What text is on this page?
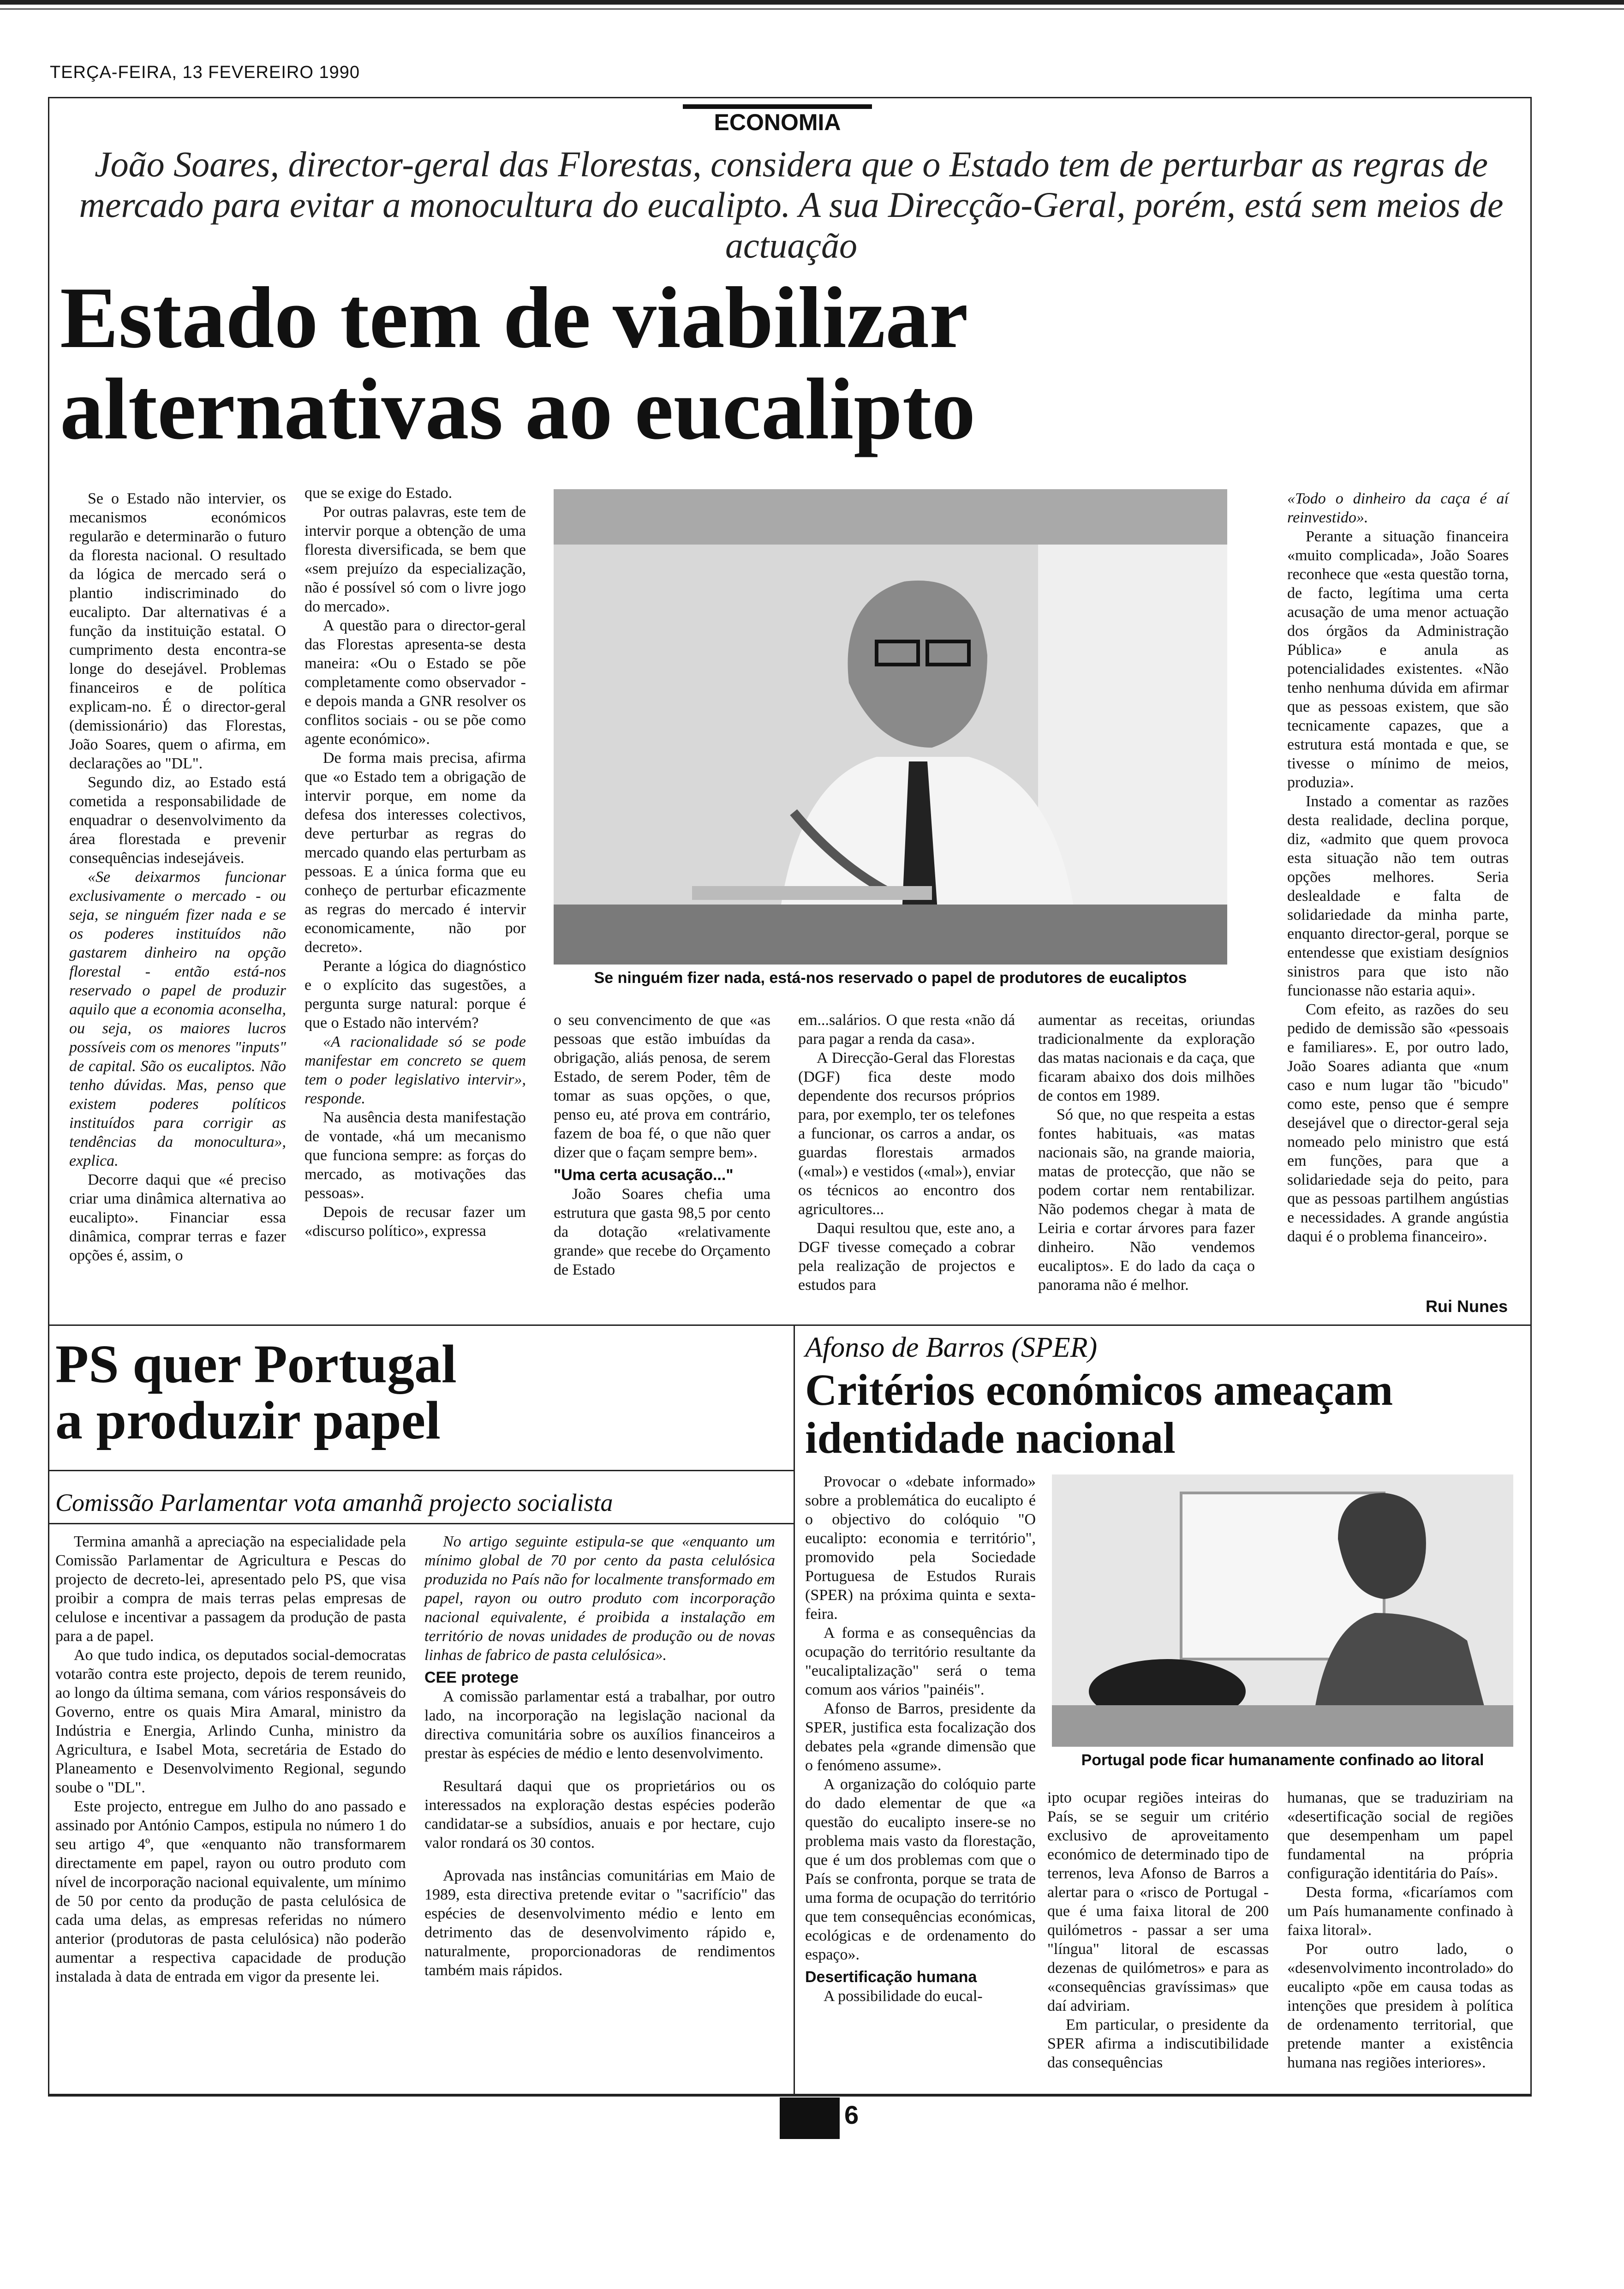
TERÇA-FEIRA, 13 FEVEREIRO 1990
ECONOMIA
João Soares, director-geral das Florestas, considera que o Estado tem de perturbar as regras de mercado para evitar a monocultura do eucalipto. A sua Direcção-Geral, porém, está sem meios de actuação
Estado tem de viabilizar
alternativas ao eucalipto

Se o Estado não intervier, os mecanismos económicos regularão e determinarão o futuro da floresta nacional. O resultado da lógica de mercado será o plantio indiscriminado do eucalipto. Dar alternativas é a função da instituição estatal. O cumprimento desta encontra-se longe do desejável. Problemas financeiros e de política explicam-no. É o director-geral (demissionário) das Florestas, João Soares, quem o afirma, em declarações ao "DL".

Segundo diz, ao Estado está cometida a responsabilidade de enquadrar o desenvolvimento da área florestada e prevenir consequências indesejáveis.

«Se deixarmos funcionar exclusivamente o mercado - ou seja, se ninguém fizer nada e se os poderes instituídos não gastarem dinheiro na opção florestal - então está-nos reservado o papel de produzir aquilo que a economia aconselha, ou seja, os maiores lucros possíveis com os menores "inputs" de capital. São os eucaliptos. Não tenho dúvidas. Mas, penso que existem poderes políticos instituídos para corrigir as tendências da monocultura», explica.

Decorre daqui que «é preciso criar uma dinâmica alternativa ao eucalipto». Financiar essa dinâmica, comprar terras e fazer opções é, assim, o

que se exige do Estado.

Por outras palavras, este tem de intervir porque a obtenção de uma floresta diversificada, se bem que «sem prejuízo da especialização, não é possível só com o livre jogo do mercado».

A questão para o director-geral das Florestas apresenta-se desta maneira: «Ou o Estado se põe completamente como observador - e depois manda a GNR resolver os conflitos sociais - ou se põe como agente económico».

De forma mais precisa, afirma que «o Estado tem a obrigação de intervir porque, em nome da defesa dos interesses colectivos, deve perturbar as regras do mercado quando elas perturbam as pessoas. E a única forma que eu conheço de perturbar eficazmente as regras do mercado é intervir economicamente, não por decreto».

Perante a lógica do diagnóstico e o explícito das sugestões, a pergunta surge natural: porque é que o Estado não intervém?

«A racionalidade só se pode manifestar em concreto se quem tem o poder legislativo intervir», responde.

Na ausência desta manifestação de vontade, «há um mecanismo que funciona sempre: as forças do mercado, as motivações das pessoas».

Depois de recusar fazer um «discurso político», expressa

Se ninguém fizer nada, está-nos reservado o papel de produtores de eucaliptos

o seu convencimento de que «as pessoas que estão imbuídas da obrigação, aliás penosa, de serem Estado, de serem Poder, têm de tomar as suas opções, o que, penso eu, até prova em contrário, fazem de boa fé, o que não quer dizer que o façam sempre bem».

"Uma certa acusação..."

João Soares chefia uma estrutura que gasta 98,5 por cento da dotação «relativamente grande» que recebe do Orçamento de Estado

em...salários. O que resta «não dá para pagar a renda da casa».

A Direcção-Geral das Florestas (DGF) fica deste modo dependente dos recursos próprios para, por exemplo, ter os telefones a funcionar, os carros a andar, os guardas florestais armados («mal») e vestidos («mal»), enviar os técnicos ao encontro dos agricultores...

Daqui resultou que, este ano, a DGF tivesse começado a cobrar pela realização de projectos e estudos para

aumentar as receitas, oriundas tradicionalmente da exploração das matas nacionais e da caça, que ficaram abaixo dos dois milhões de contos em 1989.

Só que, no que respeita a estas fontes habituais, «as matas nacionais são, na grande maioria, matas de protecção, que não se podem cortar nem rentabilizar. Não podemos chegar à mata de Leiria e cortar árvores para fazer dinheiro. Não vendemos eucaliptos». E do lado da caça o panorama não é melhor.

«Todo o dinheiro da caça é aí reinvestido».

Perante a situação financeira «muito complicada», João Soares reconhece que «esta questão torna, de facto, legítima uma certa acusação de uma menor actuação dos órgãos da Administração Pública» e anula as potencialidades existentes. «Não tenho nenhuma dúvida em afirmar que as pessoas existem, que são tecnicamente capazes, que a estrutura está montada e que, se tivesse o mínimo de meios, produzia».

Instado a comentar as razões desta realidade, declina porque, diz, «admito que quem provoca esta situação não tem outras opções melhores. Seria deslealdade e falta de solidariedade da minha parte, enquanto director-geral, porque se entendesse que existiam desígnios sinistros para que isto não funcionasse não estaria aqui».

Com efeito, as razões do seu pedido de demissão são «pessoais e familiares». E, por outro lado, João Soares adianta que «num caso e num lugar tão "bicudo" como este, penso que é sempre desejável que o director-geral seja nomeado pelo ministro que está em funções, para que a solidariedade seja do peito, para que as pessoas partilhem angústias e necessidades. A grande angústia daqui é o problema financeiro».

Rui Nunes
PS quer Portugal
a produzir papel
Comissão Parlamentar vota amanhã projecto socialista

Termina amanhã a apreciação na especialidade pela Comissão Parlamentar de Agricultura e Pescas do projecto de decreto-lei, apresentado pelo PS, que visa proibir a compra de mais terras pelas empresas de celulose e incentivar a passagem da produção de pasta para a de papel.

Ao que tudo indica, os deputados social-democratas votarão contra este projecto, depois de terem reunido, ao longo da última semana, com vários responsáveis do Governo, entre os quais Mira Amaral, ministro da Indústria e Energia, Arlindo Cunha, ministro da Agricultura, e Isabel Mota, secretária de Estado do Planeamento e Desenvolvimento Regional, segundo soube o "DL".

Este projecto, entregue em Julho do ano passado e assinado por António Campos, estipula no número 1 do seu artigo 4º, que «enquanto não transformarem directamente em papel, rayon ou outro produto com nível de incorporação nacional equivalente, um mínimo de 50 por cento da produção de pasta celulósica de cada uma delas, as empresas referidas no número anterior (produtoras de pasta celulósica) não poderão aumentar a respectiva capacidade de produção instalada à data de entrada em vigor da presente lei.

No artigo seguinte estipula-se que «enquanto um mínimo global de 70 por cento da pasta celulósica produzida no País não for localmente transformado em papel, rayon ou outro produto com incorporação nacional equivalente, é proibida a instalação em território de novas unidades de produção ou de novas linhas de fabrico de pasta celulósica».

CEE protege

A comissão parlamentar está a trabalhar, por outro lado, na incorporação na legislação nacional da directiva comunitária sobre os auxílios financeiros a prestar às espécies de médio e lento desenvolvimento.

Resultará daqui que os proprietários ou os interessados na exploração destas espécies poderão candidatar-se a subsídios, anuais e por hectare, cujo valor rondará os 30 contos.

Aprovada nas instâncias comunitárias em Maio de 1989, esta directiva pretende evitar o "sacrifício" das espécies de desenvolvimento médio e lento em detrimento das de desenvolvimento rápido e, naturalmente, proporcionadoras de rendimentos também mais rápidos.

Afonso de Barros (SPER)
Critérios económicos ameaçam
identidade nacional

Provocar o «debate informado» sobre a problemática do eucalipto é o objectivo do colóquio "O eucalipto: economia e território", promovido pela Sociedade Portuguesa de Estudos Rurais (SPER) na próxima quinta e sexta-feira.

A forma e as consequências da ocupação do território resultante da "eucaliptalização" será o tema comum aos vários "painéis".

Afonso de Barros, presidente da SPER, justifica esta focalização dos debates pela «grande dimensão que o fenómeno assume».

A organização do colóquio parte do dado elementar de que «a questão do eucalipto insere-se no problema mais vasto da florestação, que é um dos problemas com que o País se confronta, porque se trata de uma forma de ocupação do território que tem consequências económicas, ecológicas e de ordenamento do espaço».

Desertificação humana

A possibilidade do eucal-

Portugal pode ficar humanamente confinado ao litoral

ipto ocupar regiões inteiras do País, se se seguir um critério exclusivo de aproveitamento económico de determinado tipo de terrenos, leva Afonso de Barros a alertar para o «risco de Portugal - que é uma faixa litoral de 200 quilómetros - passar a ser uma "língua" litoral de escassas dezenas de quilómetros» e para as «consequências gravíssimas» que daí adviriam.

Em particular, o presidente da SPER afirma a indiscutibilidade das consequências

humanas, que se traduziriam na «desertificação social de regiões que desempenham um papel fundamental na própria configuração identitária do País».

Desta forma, «ficaríamos com um País humanamente confinado à faixa litoral».

Por outro lado, o «desenvolvimento incontrolado» do eucalipto «põe em causa todas as intenções que presidem à política de ordenamento territorial, que pretende manter a existência humana nas regiões interiores».

6
